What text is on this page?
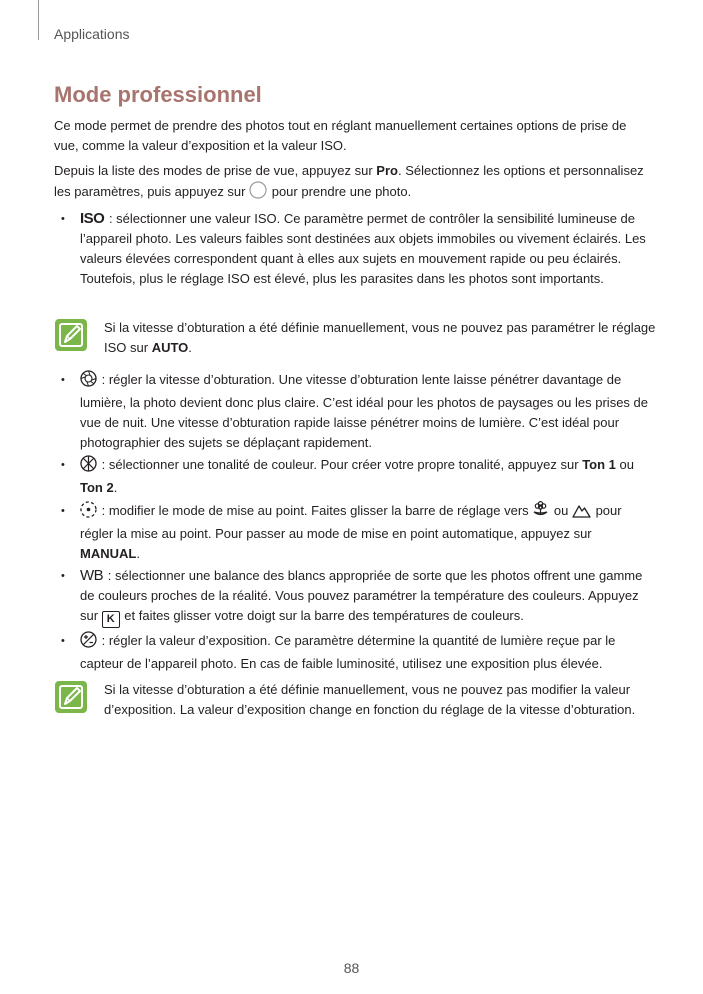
Applications
Mode professionnel

Ce mode permet de prendre des photos tout en réglant manuellement certaines options de prise de vue, comme la valeur d’exposition et la valeur ISO.

Depuis la liste des modes de prise de vue, appuyez sur Pro. Sélectionnez les options et personnalisez les paramètres, puis appuyez sur  pour prendre une photo.

• ISO : sélectionner une valeur ISO. Ce paramètre permet de contrôler la sensibilité lumineuse de l’appareil photo. Les valeurs faibles sont destinées aux objets immobiles ou vivement éclairés. Les valeurs élevées correspondent quant à elles aux sujets en mouvement rapide ou peu éclairés. Toutefois, plus le réglage ISO est élevé, plus les parasites dans les photos sont importants.
Si la vitesse d’obturation a été définie manuellement, vous ne pouvez pas paramétrer le réglage ISO sur AUTO.
•	: régler la vitesse d’obturation. Une vitesse d’obturation lente laisse pénétrer davantage de lumière, la photo devient donc plus claire. C’est idéal pour les photos de paysages ou les prises de vue de nuit. Une vitesse d’obturation rapide laisse pénétrer moins de lumière. C’est idéal pour photographier des sujets se déplaçant rapidement.
•	: sélectionner une tonalité de couleur. Pour créer votre propre tonalité, appuyez sur Ton 1 ou Ton 2.
•	: modifier le mode de mise au point. Faites glisser la barre de réglage vers  ou  pour régler la mise au point. Pour passer au mode de mise en point automatique, appuyez sur MANUAL.
• WB : sélectionner une balance des blancs appropriée de sorte que les photos offrent une gamme de couleurs proches de la réalité. Vous pouvez paramétrer la température des couleurs. Appuyez sur K et faites glisser votre doigt sur la barre des températures de couleurs.
•	: régler la valeur d’exposition. Ce paramètre détermine la quantité de lumière reçue par le capteur de l’appareil photo. En cas de faible luminosité, utilisez une exposition plus élevée.
Si la vitesse d’obturation a été définie manuellement, vous ne pouvez pas modifier la valeur d’exposition. La valeur d’exposition change en fonction du réglage de la vitesse d’obturation.
88
